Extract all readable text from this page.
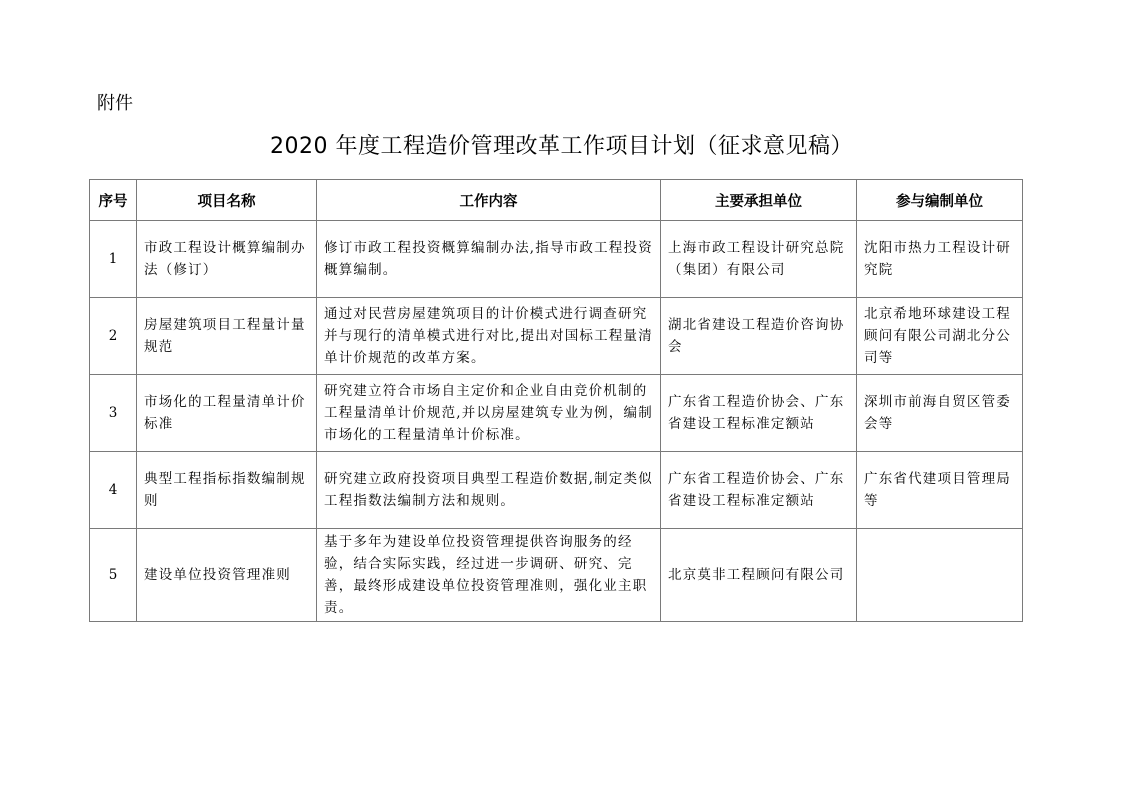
附件
2020 年度工程造价管理改革工作项目计划（征求意见稿）
序号	项目名称	工作内容	主要承担单位	参与编制单位
1	市政工程设计概算编制办法（修订）	修订市政工程投资概算编制办法,指导市政工程投资概算编制。	上海市政工程设计研究总院（集团）有限公司	沈阳市热力工程设计研究院
2	房屋建筑项目工程量计量规范	通过对民营房屋建筑项目的计价模式进行调查研究并与现行的清单模式进行对比,提出对国标工程量清单计价规范的改革方案。	湖北省建设工程造价咨询协会	北京希地环球建设工程顾问有限公司湖北分公司等
3	市场化的工程量清单计价标准	研究建立符合市场自主定价和企业自由竞价机制的工程量清单计价规范,并以房屋建筑专业为例，编制市场化的工程量清单计价标准。	广东省工程造价协会、广东省建设工程标准定额站	深圳市前海自贸区管委会等
4	典型工程指标指数编制规则	研究建立政府投资项目典型工程造价数据,制定类似工程指数法编制方法和规则。	广东省工程造价协会、广东省建设工程标准定额站	广东省代建项目管理局等
5	建设单位投资管理准则	基于多年为建设单位投资管理提供咨询服务的经验，结合实际实践，经过进一步调研、研究、完善，最终形成建设单位投资管理准则，强化业主职责。	北京莫非工程顾问有限公司	
